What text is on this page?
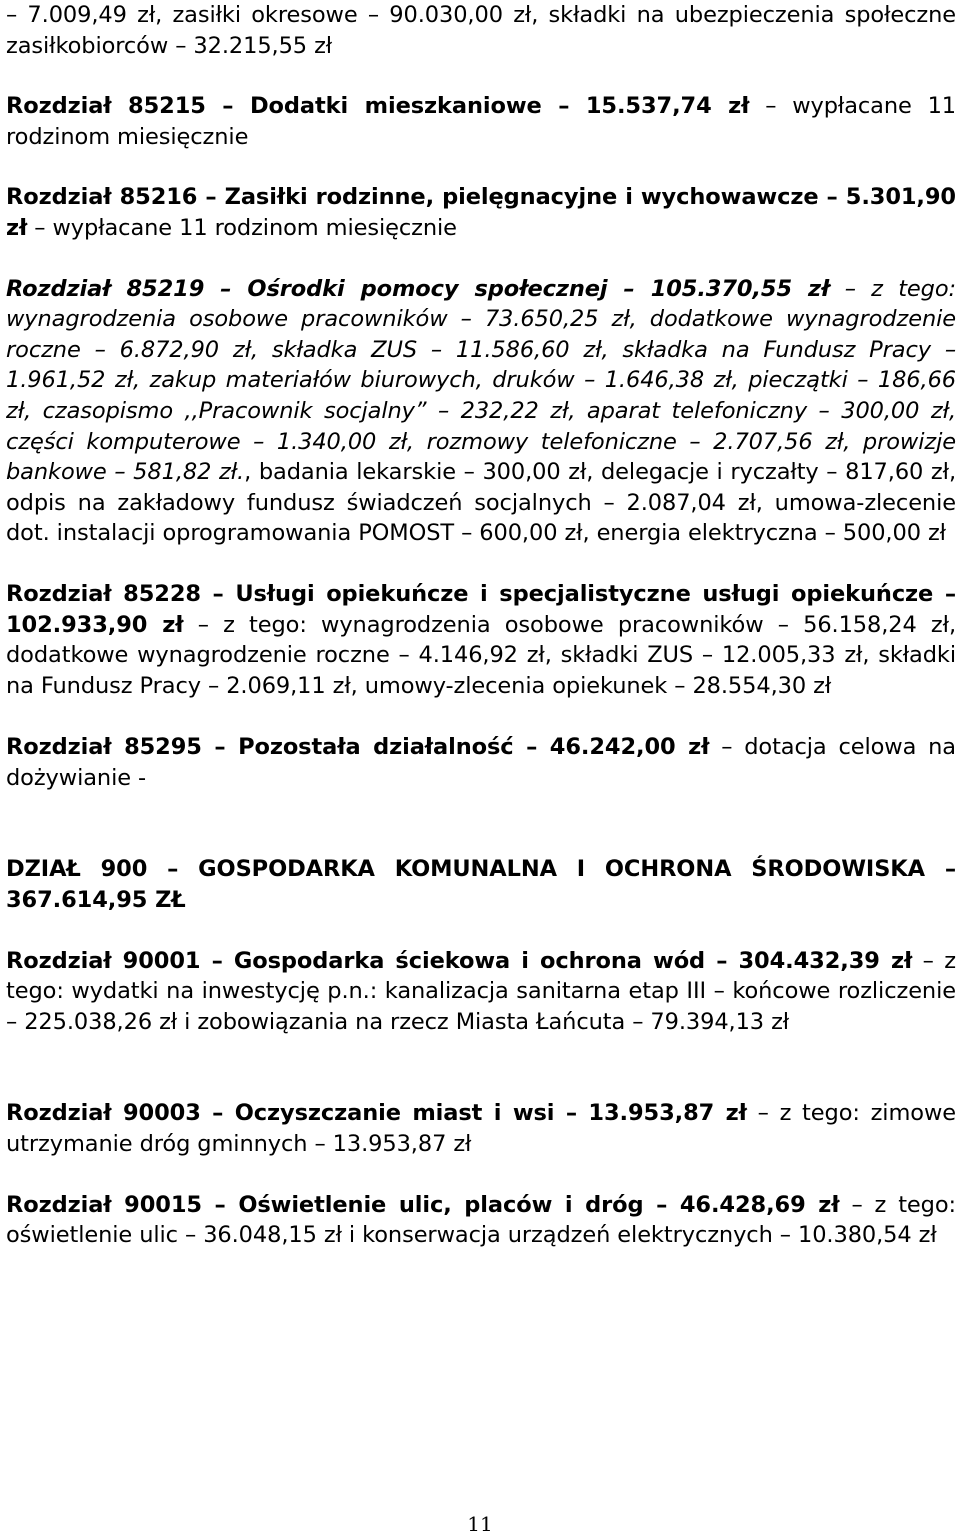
– 7.009,49 zł, zasiłki okresowe – 90.030,00 zł, składki na ubezpieczenia społeczne zasiłkobiorców – 32.215,55 zł

Rozdział 85215 – Dodatki mieszkaniowe – 15.537,74 zł – wypłacane 11 rodzinom miesięcznie

Rozdział 85216 – Zasiłki rodzinne, pielęgnacyjne i wychowawcze – 5.301,90 zł – wypłacane 11 rodzinom miesięcznie

Rozdział 85219 – Ośrodki pomocy społecznej – 105.370,55 zł – z tego: wynagrodzenia osobowe pracowników – 73.650,25 zł, dodatkowe wynagrodzenie roczne – 6.872,90 zł, składka ZUS – 11.586,60 zł, składka na Fundusz Pracy – 1.961,52 zł, zakup materiałów biurowych, druków – 1.646,38 zł, pieczątki – 186,66 zł, czasopismo ,,Pracownik socjalny” – 232,22 zł, aparat telefoniczny – 300,00 zł, części komputerowe – 1.340,00 zł, rozmowy telefoniczne – 2.707,56 zł, prowizje bankowe – 581,82 zł., badania lekarskie – 300,00 zł, delegacje i ryczałty – 817,60 zł, odpis na zakładowy fundusz świadczeń socjalnych – 2.087,04 zł, umowa-zlecenie dot. instalacji oprogramowania POMOST – 600,00 zł, energia elektryczna – 500,00 zł

Rozdział 85228 – Usługi opiekuńcze i specjalistyczne usługi opiekuńcze – 102.933,90 zł – z tego: wynagrodzenia osobowe pracowników – 56.158,24 zł, dodatkowe wynagrodzenie roczne – 4.146,92 zł, składki ZUS – 12.005,33 zł, składki na Fundusz Pracy – 2.069,11 zł, umowy-zlecenia opiekunek – 28.554,30 zł

Rozdział 85295 – Pozostała działalność – 46.242,00 zł – dotacja celowa na dożywianie -

DZIAŁ 900 – GOSPODARKA KOMUNALNA I OCHRONA ŚRODOWISKA – 367.614,95 ZŁ

Rozdział 90001 – Gospodarka ściekowa i ochrona wód – 304.432,39 zł – z tego: wydatki na inwestycję p.n.: kanalizacja sanitarna etap III – końcowe rozliczenie – 225.038,26 zł i zobowiązania na rzecz Miasta Łańcuta – 79.394,13 zł

Rozdział 90003 – Oczyszczanie miast i wsi – 13.953,87 zł – z tego: zimowe utrzymanie dróg gminnych – 13.953,87 zł

Rozdział 90015 – Oświetlenie ulic, placów i dróg – 46.428,69 zł – z tego: oświetlenie ulic – 36.048,15 zł i konserwacja urządzeń elektrycznych – 10.380,54 zł

11
